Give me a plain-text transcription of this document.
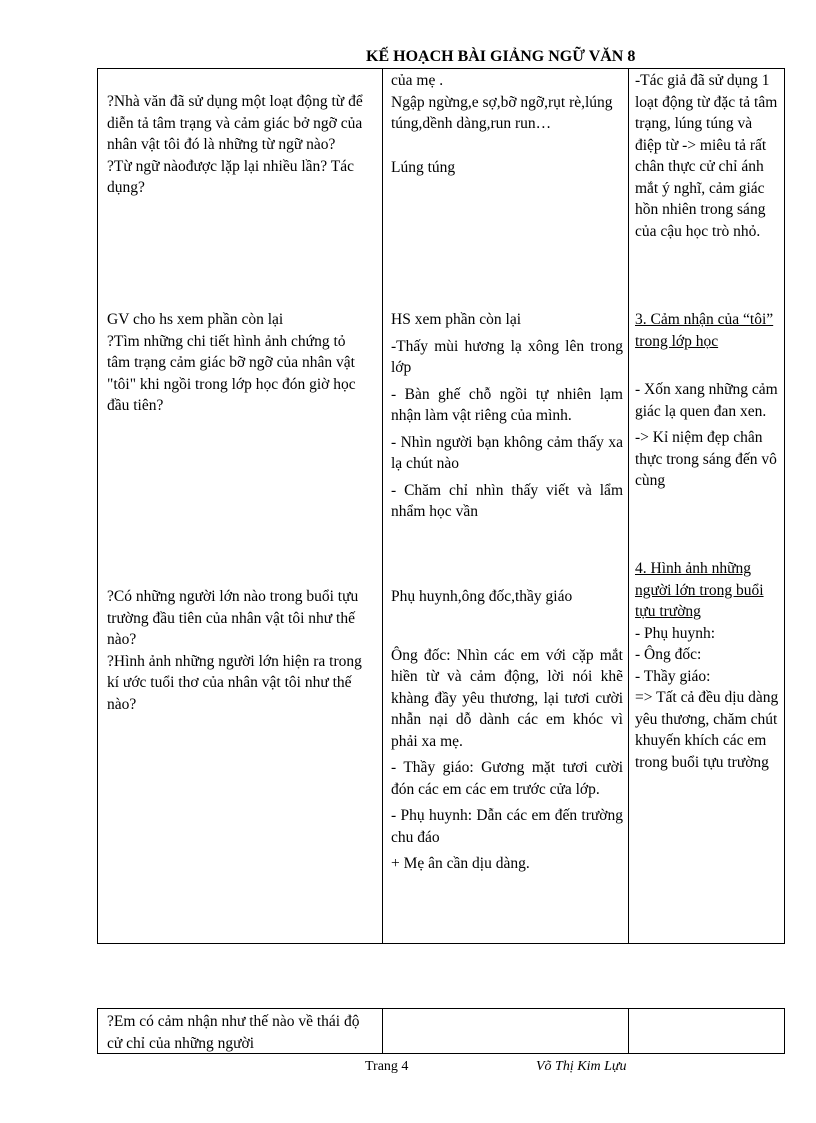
KẾ HOẠCH BÀI GIẢNG NGỮ VĂN 8

?Nhà văn đã sử dụng một loạt động từ để diễn tả tâm trạng và cảm giác bở ngỡ của nhân vật tôi đó là những từ ngữ nào?

?Từ ngữ nàođược lặp lại nhiều lần? Tác dụng?

của mẹ .

Ngập ngừng,e sợ,bỡ ngỡ,rụt rè,lúng túng,dềnh dàng,run run…

Lúng túng

-Tác giả đã sử dụng 1 loạt động từ đặc tả tâm trạng, lúng túng và điệp từ -> miêu tả rất chân thực cử chỉ ánh mắt ý nghĩ, cảm giác hồn nhiên trong sáng của cậu học trò nhỏ.

GV cho hs xem phần còn lại

?Tìm những chi tiết hình ảnh chứng tỏ tâm trạng cảm giác bỡ ngỡ của nhân vật "tôi" khi ngồi trong lớp học đón giờ học đầu tiên?

HS xem phần còn lại

-Thấy mùi hương lạ xông lên trong lớp

- Bàn ghế chỗ ngồi tự nhiên lạm nhận làm vật riêng của mình.

- Nhìn người bạn không cảm thấy xa lạ chút nào

- Chăm chỉ nhìn thấy viết và lẩm nhẩm học vần

3. Cảm nhận của “tôi” trong lớp học

- Xốn xang những cảm giác lạ quen đan xen.

-> Kỉ niệm đẹp chân thực trong sáng đến vô cùng

?Có những người lớn nào trong buổi tựu trường đầu tiên của nhân vật tôi như thế nào?

?Hình ảnh những người lớn hiện ra trong kí ước tuổi thơ của nhân vật tôi như thế nào?

Phụ huynh,ông đốc,thầy giáo

Ông đốc: Nhìn các em với cặp mắt hiền từ và cảm động, lời nói khẽ khàng đầy yêu thương, lại tươi cười nhẫn nại dỗ dành các em khóc vì phải xa mẹ.

- Thầy giáo: Gương mặt tươi cười đón các em các em trước cửa lớp.

- Phụ huynh: Dẫn các em đến trường chu đáo

+ Mẹ ân cần dịu dàng.

4. Hình ảnh những người lớn trong buổi tựu trường

- Phụ huynh:

- Ông đốc:

- Thầy giáo:

=> Tất cả đều dịu dàng yêu thương, chăm chút khuyến khích các em trong buổi tựu trường

?Em có cảm nhận như thế nào về thái độ cử chỉ của những người

Trang 4	Võ Thị Kim Lựu
